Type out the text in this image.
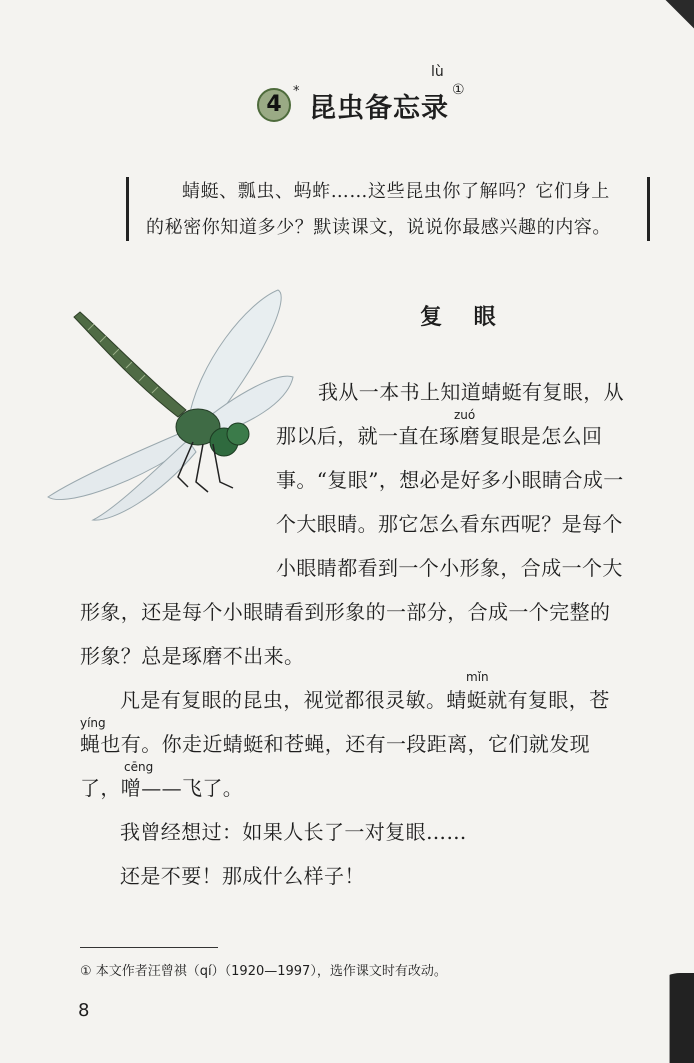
4
*
昆虫备忘录
lù
①
蜻蜓、瓢虫、蚂蚱……这些昆虫你了解吗？它们身上
的秘密你知道多少？默读课文，说说你最感兴趣的内容。
复 眼
我从一本书上知道蜻蜓有复眼，从
zuó
那以后，就一直在琢磨复眼是怎么回
事。“复眼”，想必是好多小眼睛合成一
个大眼睛。那它怎么看东西呢？是每个
小眼睛都看到一个小形象，合成一个大
形象，还是每个小眼睛看到形象的一部分，合成一个完整的
形象？总是琢磨不出来。
mǐn
凡是有复眼的昆虫，视觉都很灵敏。蜻蜓就有复眼，苍
yíng
蝇也有。你走近蜻蜓和苍蝇，还有一段距离，它们就发现
cēng
了，噌——飞了。
我曾经想过：如果人长了一对复眼……
还是不要！那成什么样子！
① 本文作者汪曾祺（qí）（1920—1997），选作课文时有改动。
8
